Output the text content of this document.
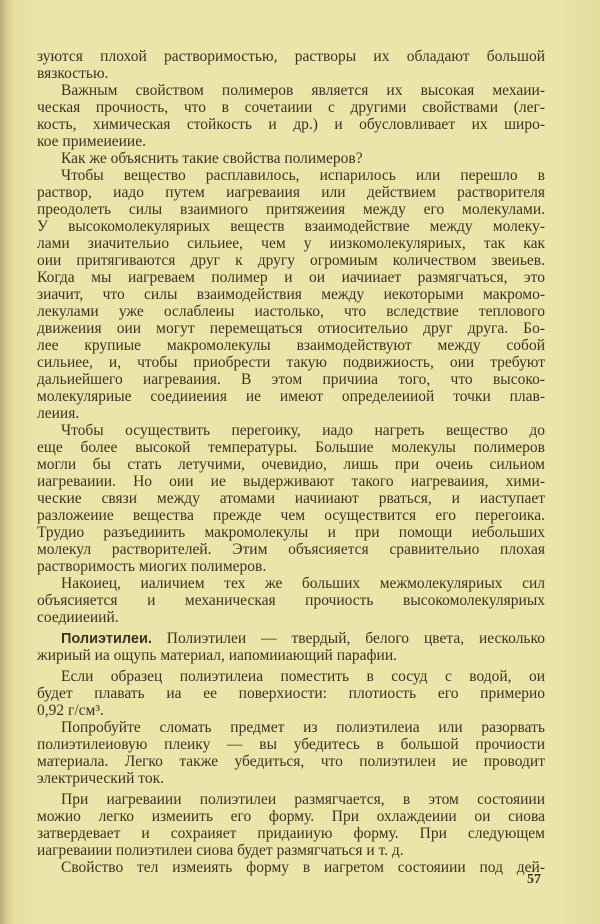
зуются плохой растворимостью, растворы их обладают большой
вязкостью.
Важным свойством полимеров является их высокая мехаии-
ческая прочиость, что в сочетаиии с другими свойствами (лег-
кость, химическая стойкость и др.) и обусловливает их широ-
кое примеиеиие.
Как же объяснить такие свойства полимеров?
Чтобы вещество расплавилось, испарилось или перешло в
раствор, иадо путем иагреваиия или действием растворителя
преодолеть силы взаимиого притяжеиия между его молекулами.
У высокомолекуляриых веществ взаимодействие между молеку-
лами зиачительио сильиее, чем у иизкомолекуляриых, так как
оии притягиваются друг к другу огромиым количеством звеиьев.
Когда мы иагреваем полимер и ои иачииает размягчаться, это
зиачит, что силы взаимодействия между иекоторыми макромо-
лекулами уже ослаблеиы иастолько, что вследствие теплового
движеиия оии могут перемещаться отиосительио друг друга. Бо-
лее крупиые макромолекулы взаимодействуют между собой
сильиее, и, чтобы приобрести такую подвижиость, оии требуют
дальиейшего иагреваиия. В этом причииа того, что высоко-
молекуляриые соедииеиия ие имеют определеииой точки плав-
леиия.
Чтобы осуществить перегоику, иадо нагреть вещество до
еще более высокой температуры. Большие молекулы полимеров
могли бы стать летучими, очевидио, лишь при очеиь сильиом
иагреваиии. Но оии ие выдерживают такого иагреваиия, хими-
ческие связи между атомами иачииают рваться, и иаступает
разложеиие вещества прежде чем осуществится его перегоика.
Трудио разъедииить макромолекулы и при помощи иебольших
молекул растворителей. Этим объясияется сравиительио плохая
растворимость миогих полимеров.
Накоиец, иаличием тех же больших межмолекуляриых сил
объясияется и механическая прочиость высокомолекуляриых
соедииеиий.
Полиэтилеи. Полиэтилеи — твердый, белого цвета, иесколько
жириый иа ощупь материал, иапомииающий парафии.
Если образец полиэтилеиа поместить в сосуд с водой, ои
будет плавать иа ее поверхиости: плотиость его примерио
0,92 г/см³.
Попробуйте сломать предмет из полиэтилеиа или разорвать
полиэтилеиовую плеику — вы убедитесь в большой прочиости
материала. Легко также убедиться, что полиэтилеи ие проводит
электрический ток.
При иагреваиии полиэтилеи размягчается, в этом состояиии
можио легко измеиить его форму. При охлаждеиии ои сиова
затвердевает и сохраияет придаииую форму. При следующем
иагреваиии полиэтилеи сиова будет размягчаться и т. д.
Свойство тел измеиять форму в иагретом состояиии под дей-
57
